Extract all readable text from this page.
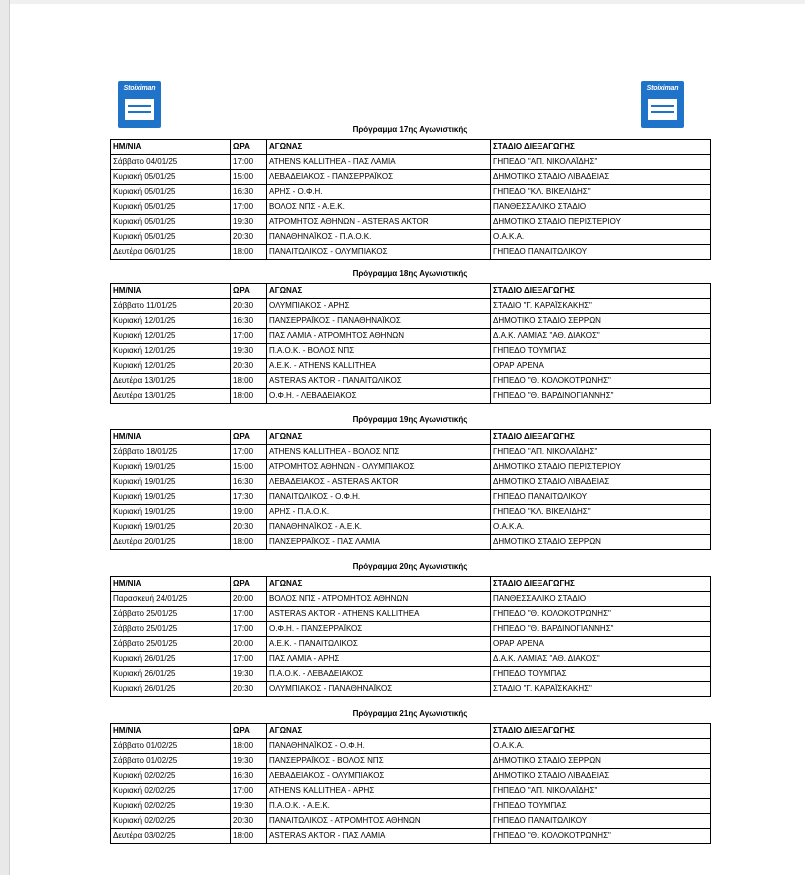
Stoiximan	Stoiximan
Πρόγραμμα 17ης Αγωνιστικής
ΗΜ/ΝΙΑ	ΩΡΑ	ΑΓΩΝΑΣ	ΣΤΑΔΙΟ ΔΙΕΞΑΓΩΓΗΣ
Σάββατο 04/01/25	17:00	ATHENS KALLITHEA - ΠΑΣ ΛΑΜΙΑ	ΓΗΠΕΔΟ "ΑΠ. ΝΙΚΟΛΑΪΔΗΣ"
Κυριακή 05/01/25	15:00	ΛΕΒΑΔΕΙΑΚΟΣ - ΠΑΝΣΕΡΡΑΪΚΟΣ	ΔΗΜΟΤΙΚΟ ΣΤΑΔΙΟ ΛΙΒΑΔΕΙΑΣ
Κυριακή 05/01/25	16:30	ΑΡΗΣ - Ο.Φ.Η.	ΓΗΠΕΔΟ "ΚΛ. ΒΙΚΕΛΙΔΗΣ"
Κυριακή 05/01/25	17:00	ΒΟΛΟΣ ΝΠΣ - Α.Ε.Κ.	ΠΑΝΘΕΣΣΑΛΙΚΟ ΣΤΑΔΙΟ
Κυριακή 05/01/25	19:30	ΑΤΡΟΜΗΤΟΣ ΑΘΗΝΩΝ - ASTERAS AKTOR	ΔΗΜΟΤΙΚΟ ΣΤΑΔΙΟ ΠΕΡΙΣΤΕΡΙΟΥ
Κυριακή 05/01/25	20:30	ΠΑΝΑΘΗΝΑΪΚΟΣ - Π.Α.Ο.Κ.	Ο.Α.Κ.Α.
Δευτέρα 06/01/25	18:00	ΠΑΝΑΙΤΩΛΙΚΟΣ - ΟΛΥΜΠΙΑΚΟΣ	ΓΗΠΕΔΟ ΠΑΝΑΙΤΩΛΙΚΟΥ
Πρόγραμμα 18ης Αγωνιστικής
ΗΜ/ΝΙΑ	ΩΡΑ	ΑΓΩΝΑΣ	ΣΤΑΔΙΟ ΔΙΕΞΑΓΩΓΗΣ
Σάββατο 11/01/25	20:30	ΟΛΥΜΠΙΑΚΟΣ - ΑΡΗΣ	ΣΤΑΔΙΟ "Γ. ΚΑΡΑΪΣΚΑΚΗΣ"
Κυριακή 12/01/25	16:30	ΠΑΝΣΕΡΡΑΪΚΟΣ - ΠΑΝΑΘΗΝΑΪΚΟΣ	ΔΗΜΟΤΙΚΟ ΣΤΑΔΙΟ ΣΕΡΡΩΝ
Κυριακή 12/01/25	17:00	ΠΑΣ ΛΑΜΙΑ - ΑΤΡΟΜΗΤΟΣ ΑΘΗΝΩΝ	Δ.Α.Κ. ΛΑΜΙΑΣ "ΑΘ. ΔΙΑΚΟΣ"
Κυριακή 12/01/25	19:30	Π.Α.Ο.Κ. - ΒΟΛΟΣ ΝΠΣ	ΓΗΠΕΔΟ ΤΟΥΜΠΑΣ
Κυριακή 12/01/25	20:30	Α.Ε.Κ. - ATHENS KALLITHEA	OPAP ΑΡΕΝΑ
Δευτέρα 13/01/25	18:00	ASTERAS AKTOR - ΠΑΝΑΙΤΩΛΙΚΟΣ	ΓΗΠΕΔΟ "Θ. ΚΟΛΟΚΟΤΡΩΝΗΣ"
Δευτέρα 13/01/25	18:00	Ο.Φ.Η. - ΛΕΒΑΔΕΙΑΚΟΣ	ΓΗΠΕΔΟ "Θ. ΒΑΡΔΙΝΟΓΙΑΝΝΗΣ"
Πρόγραμμα 19ης Αγωνιστικής
ΗΜ/ΝΙΑ	ΩΡΑ	ΑΓΩΝΑΣ	ΣΤΑΔΙΟ ΔΙΕΞΑΓΩΓΗΣ
Σάββατο 18/01/25	17:00	ATHENS KALLITHEA - ΒΟΛΟΣ ΝΠΣ	ΓΗΠΕΔΟ "ΑΠ. ΝΙΚΟΛΑΪΔΗΣ"
Κυριακή 19/01/25	15:00	ΑΤΡΟΜΗΤΟΣ ΑΘΗΝΩΝ - ΟΛΥΜΠΙΑΚΟΣ	ΔΗΜΟΤΙΚΟ ΣΤΑΔΙΟ ΠΕΡΙΣΤΕΡΙΟΥ
Κυριακή 19/01/25	16:30	ΛΕΒΑΔΕΙΑΚΟΣ - ASTERAS AKTOR	ΔΗΜΟΤΙΚΟ ΣΤΑΔΙΟ ΛΙΒΑΔΕΙΑΣ
Κυριακή 19/01/25	17:30	ΠΑΝΑΙΤΩΛΙΚΟΣ - Ο.Φ.Η.	ΓΗΠΕΔΟ ΠΑΝΑΙΤΩΛΙΚΟΥ
Κυριακή 19/01/25	19:00	ΑΡΗΣ - Π.Α.Ο.Κ.	ΓΗΠΕΔΟ "ΚΛ. ΒΙΚΕΛΙΔΗΣ"
Κυριακή 19/01/25	20:30	ΠΑΝΑΘΗΝΑΪΚΟΣ - Α.Ε.Κ.	Ο.Α.Κ.Α.
Δευτέρα 20/01/25	18:00	ΠΑΝΣΕΡΡΑΪΚΟΣ - ΠΑΣ ΛΑΜΙΑ	ΔΗΜΟΤΙΚΟ ΣΤΑΔΙΟ ΣΕΡΡΩΝ
Πρόγραμμα 20ης Αγωνιστικής
ΗΜ/ΝΙΑ	ΩΡΑ	ΑΓΩΝΑΣ	ΣΤΑΔΙΟ ΔΙΕΞΑΓΩΓΗΣ
Παρασκευή 24/01/25	20:00	ΒΟΛΟΣ ΝΠΣ - ΑΤΡΟΜΗΤΟΣ ΑΘΗΝΩΝ	ΠΑΝΘΕΣΣΑΛΙΚΟ ΣΤΑΔΙΟ
Σάββατο 25/01/25	17:00	ASTERAS AKTOR - ATHENS KALLITHEA	ΓΗΠΕΔΟ "Θ. ΚΟΛΟΚΟΤΡΩΝΗΣ"
Σάββατο 25/01/25	17:00	Ο.Φ.Η. - ΠΑΝΣΕΡΡΑΪΚΟΣ	ΓΗΠΕΔΟ "Θ. ΒΑΡΔΙΝΟΓΙΑΝΝΗΣ"
Σάββατο 25/01/25	20:00	Α.Ε.Κ. - ΠΑΝΑΙΤΩΛΙΚΟΣ	OPAP ΑΡΕΝΑ
Κυριακή 26/01/25	17:00	ΠΑΣ ΛΑΜΙΑ - ΑΡΗΣ	Δ.Α.Κ. ΛΑΜΙΑΣ "ΑΘ. ΔΙΑΚΟΣ"
Κυριακή 26/01/25	19:30	Π.Α.Ο.Κ. - ΛΕΒΑΔΕΙΑΚΟΣ	ΓΗΠΕΔΟ ΤΟΥΜΠΑΣ
Κυριακή 26/01/25	20:30	ΟΛΥΜΠΙΑΚΟΣ - ΠΑΝΑΘΗΝΑΪΚΟΣ	ΣΤΑΔΙΟ "Γ. ΚΑΡΑΪΣΚΑΚΗΣ"
Πρόγραμμα 21ης Αγωνιστικής
ΗΜ/ΝΙΑ	ΩΡΑ	ΑΓΩΝΑΣ	ΣΤΑΔΙΟ ΔΙΕΞΑΓΩΓΗΣ
Σάββατο 01/02/25	18:00	ΠΑΝΑΘΗΝΑΪΚΟΣ - Ο.Φ.Η.	Ο.Α.Κ.Α.
Σάββατο 01/02/25	19:30	ΠΑΝΣΕΡΡΑΪΚΟΣ - ΒΟΛΟΣ ΝΠΣ	ΔΗΜΟΤΙΚΟ ΣΤΑΔΙΟ ΣΕΡΡΩΝ
Κυριακή 02/02/25	16:30	ΛΕΒΑΔΕΙΑΚΟΣ - ΟΛΥΜΠΙΑΚΟΣ	ΔΗΜΟΤΙΚΟ ΣΤΑΔΙΟ ΛΙΒΑΔΕΙΑΣ
Κυριακή 02/02/25	17:00	ATHENS KALLITHEA - ΑΡΗΣ	ΓΗΠΕΔΟ "ΑΠ. ΝΙΚΟΛΑΪΔΗΣ"
Κυριακή 02/02/25	19:30	Π.Α.Ο.Κ. - Α.Ε.Κ.	ΓΗΠΕΔΟ ΤΟΥΜΠΑΣ
Κυριακή 02/02/25	20:30	ΠΑΝΑΙΤΩΛΙΚΟΣ - ΑΤΡΟΜΗΤΟΣ ΑΘΗΝΩΝ	ΓΗΠΕΔΟ ΠΑΝΑΙΤΩΛΙΚΟΥ
Δευτέρα 03/02/25	18:00	ASTERAS AKTOR - ΠΑΣ ΛΑΜΙΑ	ΓΗΠΕΔΟ "Θ. ΚΟΛΟΚΟΤΡΩΝΗΣ"
